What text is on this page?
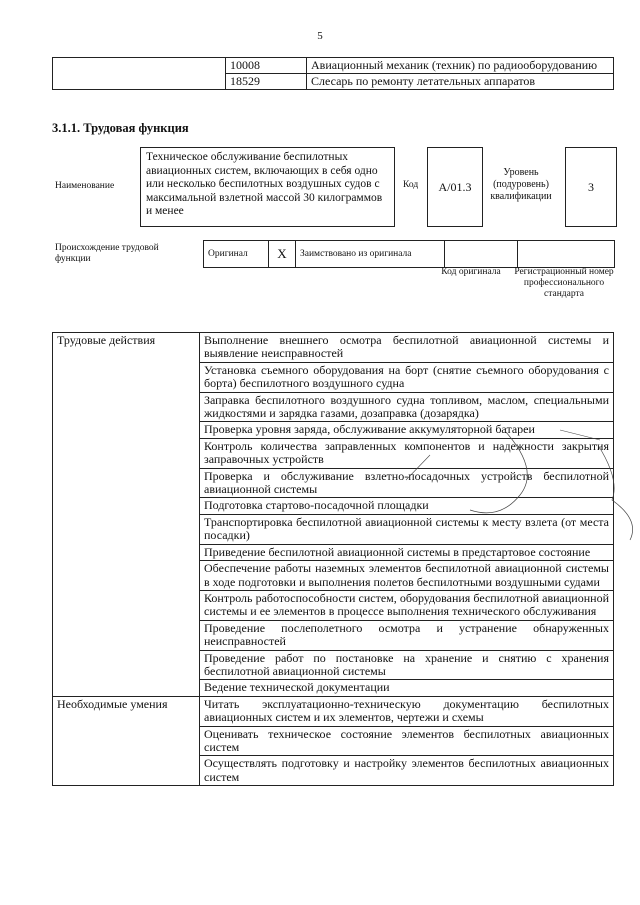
5
	10008	Авиационный механик (техник) по радиооборудованию
	18529	Слесарь по ремонту летательных аппаратов
3.1.1. Трудовая функция
Наименование
Техническое обслуживание беспилотных авиационных систем, включающих в себя одно или несколько беспилотных воздушных судов с максимальной взлетной массой 30 килограммов и менее
Код	А/01.3
Уровень (подуровень) квалификации
3
Происхождение трудовой функции	Оригинал	X	Заимствовано из оригинала		
Код оригинала Регистрационный номер профессионального стандарта
Трудовые действия	Выполнение внешнего осмотра беспилотной авиационной системы и выявление неисправностей
	Установка съемного оборудования на борт (снятие съемного оборудования с борта) беспилотного воздушного судна
	Заправка беспилотного воздушного судна топливом, маслом, специальными жидкостями и зарядка газами, дозаправка (дозарядка)
	Проверка уровня заряда, обслуживание аккумуляторной батареи
	Контроль количества заправленных компонентов и надежности закрытия заправочных устройств
	Проверка и обслуживание взлетно-посадочных устройств беспилотной авиационной системы
	Подготовка стартово-посадочной площадки
	Транспортировка беспилотной авиационной системы к месту взлета (от места посадки)
	Приведение беспилотной авиационной системы в предстартовое состояние
	Обеспечение работы наземных элементов беспилотной авиационной системы в ходе подготовки и выполнения полетов беспилотными воздушными судами
	Контроль работоспособности систем, оборудования беспилотной авиационной системы и ее элементов в процессе выполнения технического обслуживания
	Проведение послеполетного осмотра и устранение обнаруженных неисправностей
	Проведение работ по постановке на хранение и снятию с хранения беспилотной авиационной системы
	Ведение технической документации
Необходимые умения	Читать эксплуатационно-техническую документацию беспилотных авиационных систем и их элементов, чертежи и схемы
	Оценивать техническое состояние элементов беспилотных авиационных систем
	Осуществлять подготовку и настройку элементов беспилотных авиационных систем
